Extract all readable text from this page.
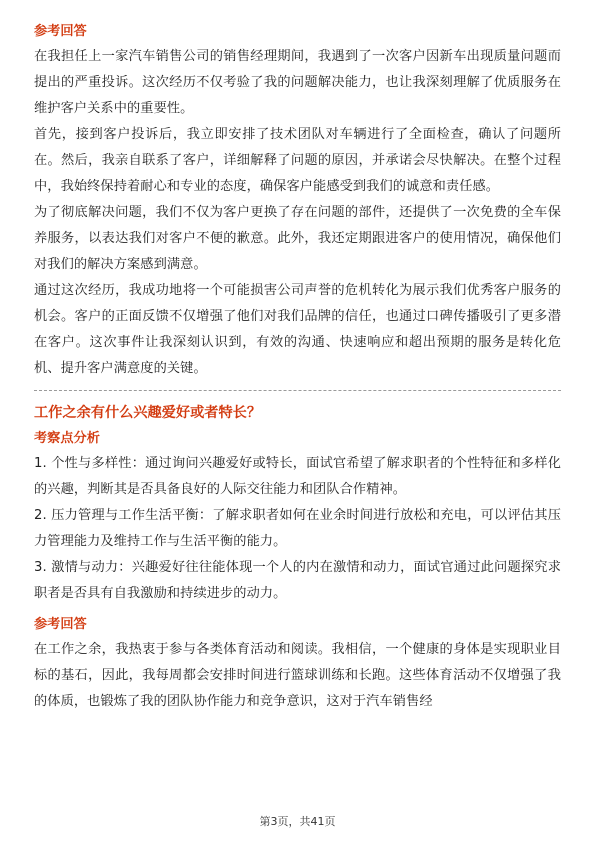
参考回答

在我担任上一家汽车销售公司的销售经理期间，我遇到了一次客户因新车出现质量问题而提出的严重投诉。这次经历不仅考验了我的问题解决能力，也让我深刻理解了优质服务在维护客户关系中的重要性。

首先，接到客户投诉后，我立即安排了技术团队对车辆进行了全面检查，确认了问题所在。然后，我亲自联系了客户，详细解释了问题的原因，并承诺会尽快解决。在整个过程中，我始终保持着耐心和专业的态度，确保客户能感受到我们的诚意和责任感。

为了彻底解决问题，我们不仅为客户更换了存在问题的部件，还提供了一次免费的全车保养服务，以表达我们对客户不便的歉意。此外，我还定期跟进客户的使用情况，确保他们对我们的解决方案感到满意。

通过这次经历，我成功地将一个可能损害公司声誉的危机转化为展示我们优秀客户服务的机会。客户的正面反馈不仅增强了他们对我们品牌的信任，也通过口碑传播吸引了更多潜在客户。这次事件让我深刻认识到，有效的沟通、快速响应和超出预期的服务是转化危机、提升客户满意度的关键。

工作之余有什么兴趣爱好或者特长？
考察点分析

1. 个性与多样性：通过询问兴趣爱好或特长，面试官希望了解求职者的个性特征和多样化的兴趣，判断其是否具备良好的人际交往能力和团队合作精神。

2. 压力管理与工作生活平衡：了解求职者如何在业余时间进行放松和充电，可以评估其压力管理能力及维持工作与生活平衡的能力。

3. 激情与动力：兴趣爱好往往能体现一个人的内在激情和动力，面试官通过此问题探究求职者是否具有自我激励和持续进步的动力。

参考回答

在工作之余，我热衷于参与各类体育活动和阅读。我相信，一个健康的身体是实现职业目标的基石，因此，我每周都会安排时间进行篮球训练和长跑。这些体育活动不仅增强了我的体质，也锻炼了我的团队协作能力和竞争意识，这对于汽车销售经

第3页，共41页
